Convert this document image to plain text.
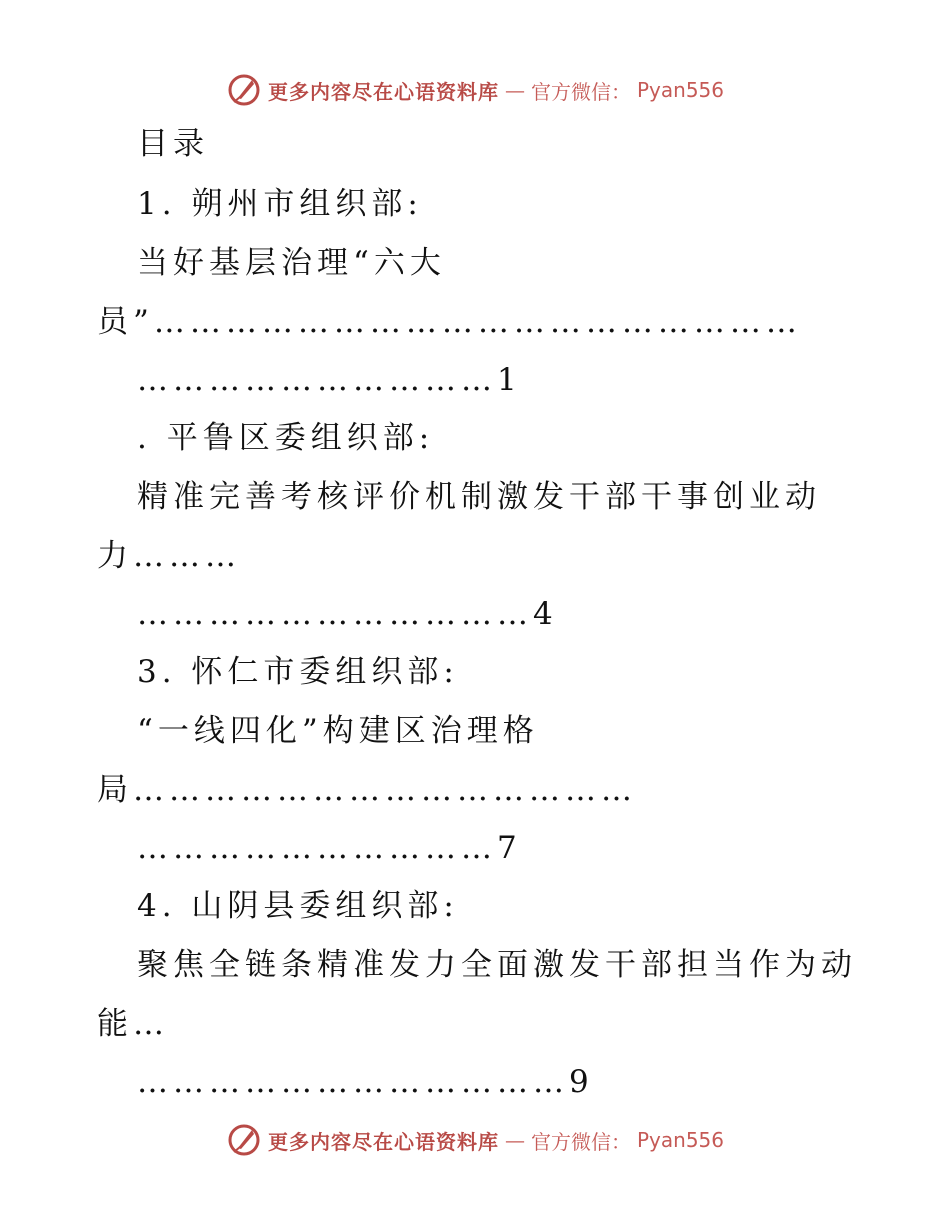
更多内容尽在心语资料库 — 官方微信： Pyan556
目录
1. 朔州市组织部:
当好基层治理“六大
员”………………………………………………
…………………………1
. 平鲁区委组织部:
精准完善考核评价机制激发干部干事创业动
力………
……………………………4
3. 怀仁市委组织部:
“一线四化”构建区治理格
局……………………………………
…………………………7
4. 山阴县委组织部:
聚焦全链条精准发力全面激发干部担当作为动
能…
………………………………9
更多内容尽在心语资料库 — 官方微信： Pyan556
